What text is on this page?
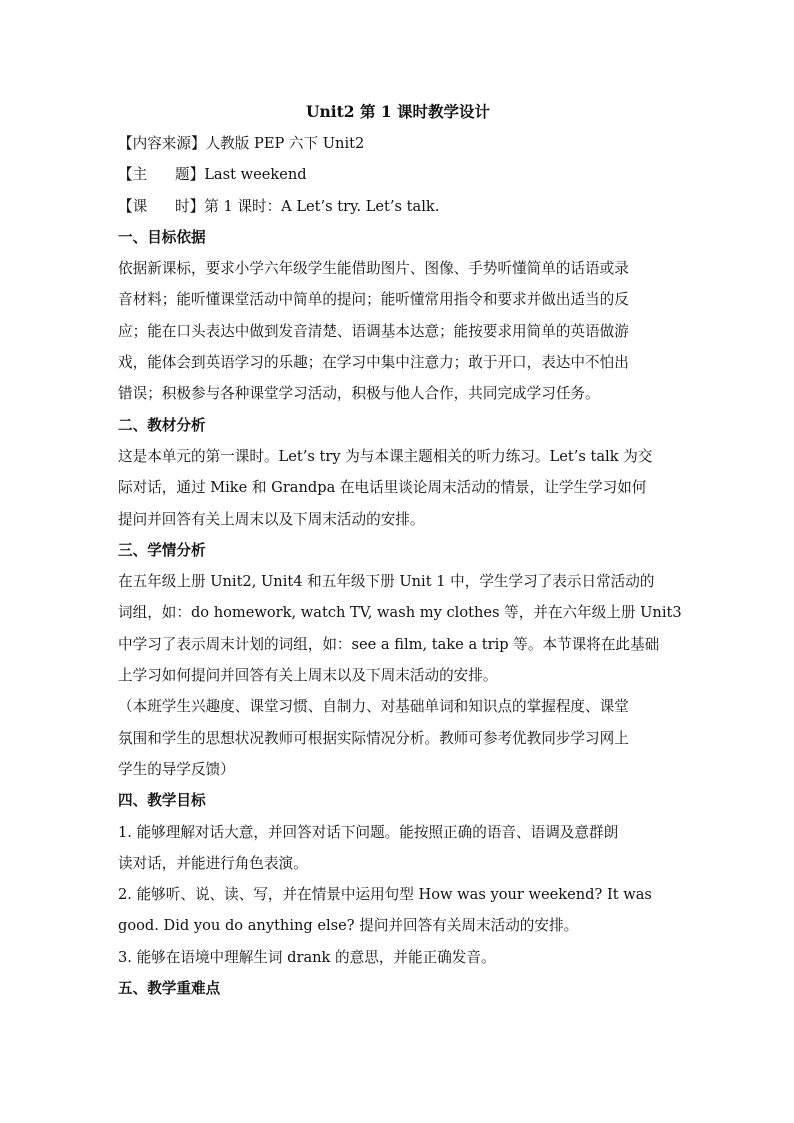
Unit2 第 1 课时教学设计
【内容来源】人教版 PEP 六下 Unit2
【主      题】Last weekend
【课      时】第 1 课时：A Let’s try. Let’s talk.
一、目标依据
依据新课标，要求小学六年级学生能借助图片、图像、手势听懂简单的话语或录
音材料；能听懂课堂活动中简单的提问；能听懂常用指令和要求并做出适当的反
应；能在口头表达中做到发音清楚、语调基本达意；能按要求用简单的英语做游
戏，能体会到英语学习的乐趣；在学习中集中注意力；敢于开口，表达中不怕出
错误；积极参与各种课堂学习活动，积极与他人合作，共同完成学习任务。
二、教材分析
这是本单元的第一课时。Let’s try 为与本课主题相关的听力练习。Let’s talk 为交
际对话，通过 Mike 和 Grandpa 在电话里谈论周末活动的情景，让学生学习如何
提问并回答有关上周末以及下周末活动的安排。
三、学情分析
在五年级上册 Unit2, Unit4 和五年级下册 Unit 1 中，学生学习了表示日常活动的
词组，如：do homework, watch TV, wash my clothes 等，并在六年级上册 Unit3
中学习了表示周末计划的词组，如：see a film, take a trip 等。本节课将在此基础
上学习如何提问并回答有关上周末以及下周末活动的安排。
（本班学生兴趣度、课堂习惯、自制力、对基础单词和知识点的掌握程度、课堂
氛围和学生的思想状况教师可根据实际情况分析。教师可参考优教同步学习网上
学生的导学反馈）
四、教学目标
1. 能够理解对话大意，并回答对话下问题。能按照正确的语音、语调及意群朗
读对话，并能进行角色表演。
2. 能够听、说、读、写，并在情景中运用句型 How was your weekend? It was
good. Did you do anything else? 提问并回答有关周末活动的安排。
3. 能够在语境中理解生词 drank 的意思，并能正确发音。
五、教学重难点
